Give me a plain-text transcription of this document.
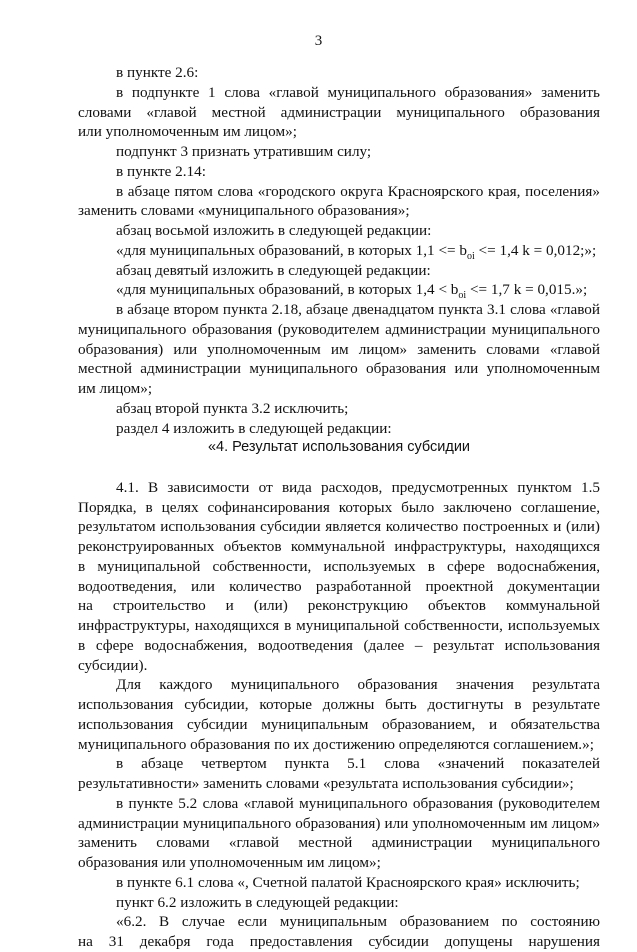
3
в пункте 2.6:
в подпункте 1 слова «главой муниципального образования» заменить
словами «главой местной администрации муниципального образования
или уполномоченным им лицом»;
подпункт 3 признать утратившим силу;
в пункте 2.14:
в абзаце пятом слова «городского округа Красноярского края, поселения»
заменить словами «муниципального образования»;
абзац восьмой изложить в следующей редакции:
«для муниципальных образований, в которых $1,1 <= b_{oi} <= 1,4$ k = 0,012;»;
абзац девятый изложить в следующей редакции:
«для муниципальных образований, в которых $1,4 < b_{oi} <= 1,7$ k = 0,015.»;
в абзаце втором пункта 2.18, абзаце двенадцатом пункта 3.1 слова «главой
муниципального образования (руководителем администрации муниципального
образования) или уполномоченным им лицом» заменить словами «главой
местной администрации муниципального образования или уполномоченным
им лицом»;
абзац второй пункта 3.2 исключить;
раздел 4 изложить в следующей редакции:
«4. Результат использования субсидии
4.1. В зависимости от вида расходов, предусмотренных пунктом 1.5
Порядка, в целях софинансирования которых было заключено соглашение,
результатом использования субсидии является количество построенных и (или)
реконструированных объектов коммунальной инфраструктуры, находящихся
в муниципальной собственности, используемых в сфере водоснабжения,
водоотведения, или количество разработанной проектной документации
на строительство и (или) реконструкцию объектов коммунальной
инфраструктуры, находящихся в муниципальной собственности, используемых
в сфере водоснабжения, водоотведения (далее – результат использования
субсидии).
Для каждого муниципального образования значения результата
использования субсидии, которые должны быть достигнуты в результате
использования субсидии муниципальным образованием, и обязательства
муниципального образования по их достижению определяются соглашением.»;
в абзаце четвертом пункта 5.1 слова «значений показателей
результативности» заменить словами «результата использования субсидии»;
в пункте 5.2 слова «главой муниципального образования (руководителем
администрации муниципального образования) или уполномоченным им лицом»
заменить словами «главой местной администрации муниципального
образования или уполномоченным им лицом»;
в пункте 6.1 слова «, Счетной палатой Красноярского края» исключить;
пункт 6.2 изложить в следующей редакции:
«6.2. В случае если муниципальным образованием по состоянию
на 31 декабря года предоставления субсидии допущены нарушения
